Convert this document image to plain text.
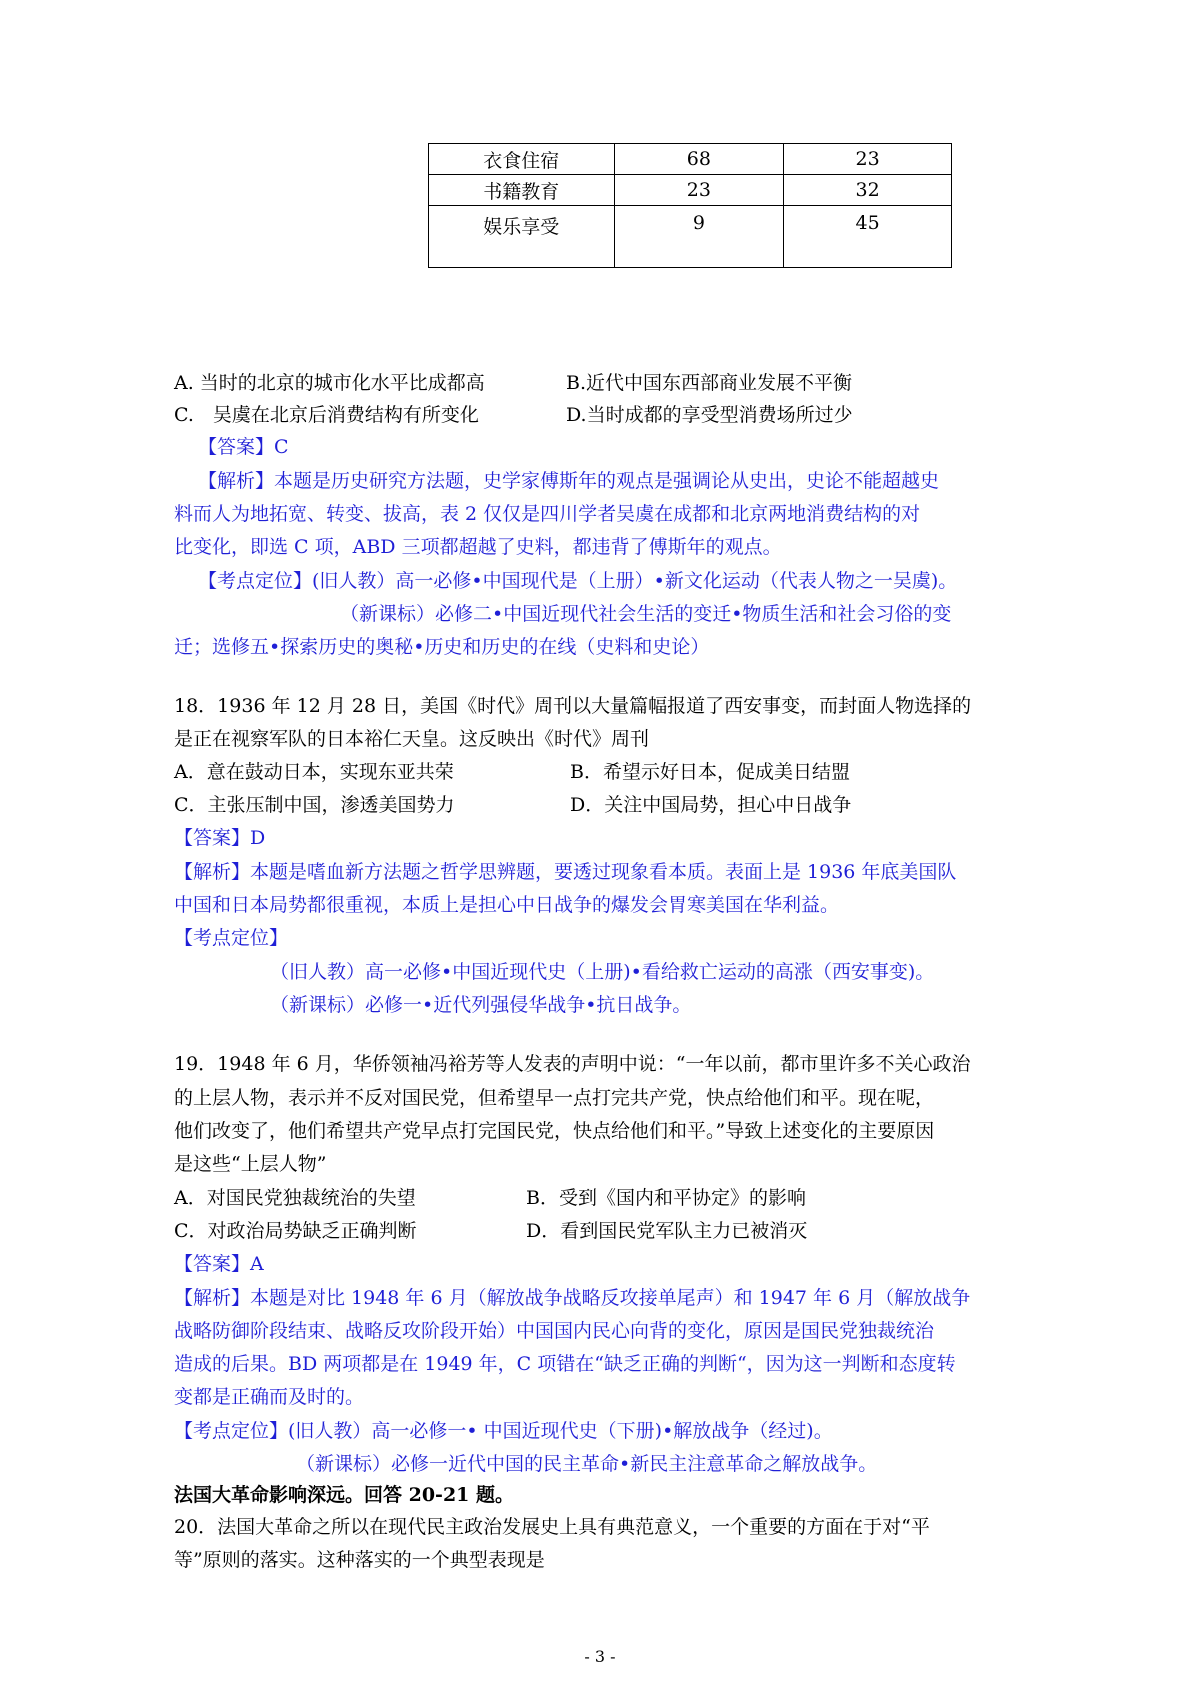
衣食住宿	68	23
书籍教育	23	32
娱乐享受	9	45
A. 当时的北京的城市化水平比成都高	B.近代中国东西部商业发展不平衡
C.　吴虞在北京后消费结构有所变化	D.当时成都的享受型消费场所过少
【答案】C
【解析】本题是历史研究方法题，史学家傅斯年的观点是强调论从史出，史论不能超越史
料而人为地拓宽、转变、拔高，表 2 仅仅是四川学者吴虞在成都和北京两地消费结构的对
比变化，即选 C 项，ABD 三项都超越了史料，都违背了傅斯年的观点。
【考点定位】(旧人教）高一必修•中国现代是（上册）•新文化运动（代表人物之一吴虞)。
（新课标）必修二•中国近现代社会生活的变迁•物质生活和社会习俗的变
迁；选修五•探索历史的奥秘•历史和历史的在线（史料和史论）
18．1936 年 12 月 28 日，美国《时代》周刊以大量篇幅报道了西安事变，而封面人物选择的
是正在视察军队的日本裕仁天皇。这反映出《时代》周刊
A．意在鼓动日本，实现东亚共荣	B．希望示好日本，促成美日结盟
C．主张压制中国，渗透美国势力	D．关注中国局势，担心中日战争
【答案】D
【解析】本题是嗜血新方法题之哲学思辨题，要透过现象看本质。表面上是 1936 年底美国队
中国和日本局势都很重视，本质上是担心中日战争的爆发会胃寒美国在华利益。
【考点定位】
（旧人教）高一必修•中国近现代史（上册)•看给救亡运动的高涨（西安事变)。
（新课标）必修一•近代列强侵华战争•抗日战争。
19．1948 年 6 月，华侨领袖冯裕芳等人发表的声明中说：“一年以前，都市里许多不关心政治
的上层人物，表示并不反对国民党，但希望早一点打完共产党，快点给他们和平。现在呢，
他们改变了，他们希望共产党早点打完国民党，快点给他们和平。”导致上述变化的主要原因
是这些“上层人物”
A．对国民党独裁统治的失望	B．受到《国内和平协定》的影响
C．对政治局势缺乏正确判断	D．看到国民党军队主力已被消灭
【答案】A
【解析】本题是对比 1948 年 6 月（解放战争战略反攻接单尾声）和 1947 年 6 月（解放战争
战略防御阶段结束、战略反攻阶段开始）中国国内民心向背的变化，原因是国民党独裁统治
造成的后果。BD 两项都是在 1949 年，C 项错在“缺乏正确的判断“，因为这一判断和态度转
变都是正确而及时的。
【考点定位】(旧人教）高一必修一• 中国近现代史（下册)•解放战争（经过)。
（新课标）必修一近代中国的民主革命•新民主注意革命之解放战争。
法国大革命影响深远。回答 20-21 题。
20．法国大革命之所以在现代民主政治发展史上具有典范意义，一个重要的方面在于对“平
等”原则的落实。这种落实的一个典型表现是
- 3 -
